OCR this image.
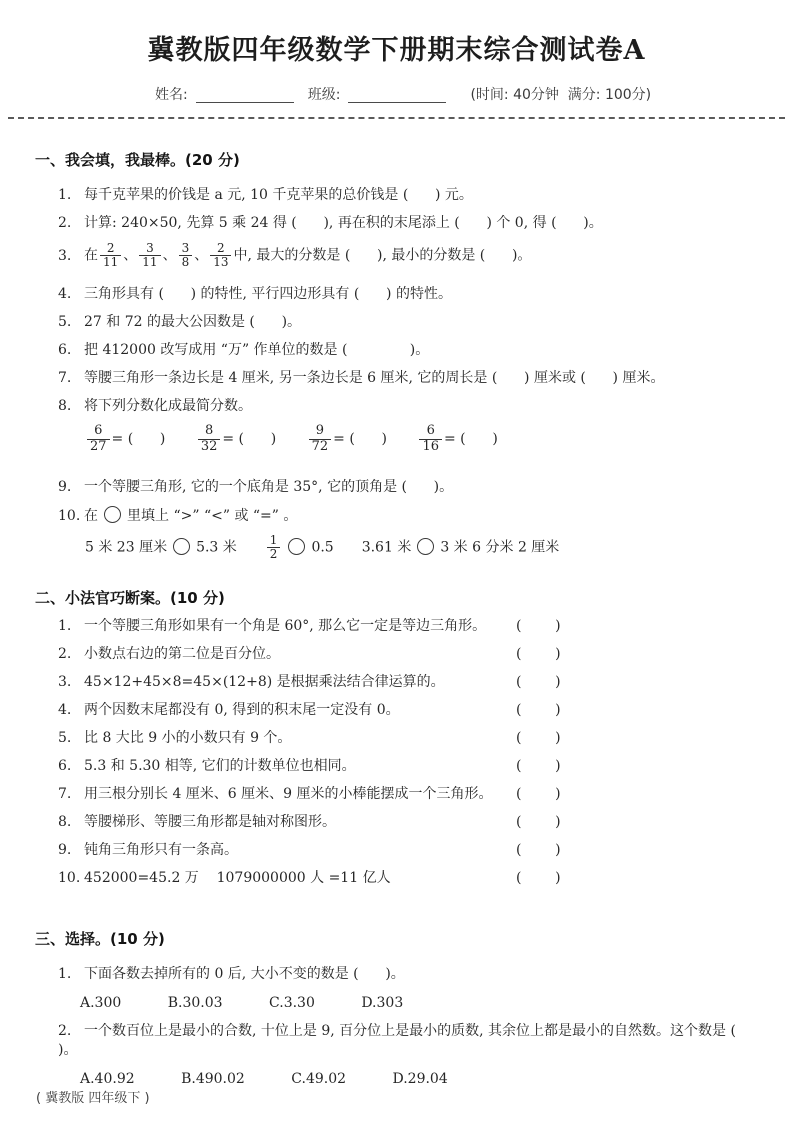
冀教版四年级数学下册期末综合测试卷A
姓名:	班级:	(时间: 40分钟  满分: 100分)
一、我会填，我最棒。(20 分)
1. 每千克苹果的价钱是 a 元, 10 千克苹果的总价钱是 (      ) 元。
2. 计算: 240×50, 先算 5 乘 24 得 (      ), 再在积的末尾添上 (      ) 个 0, 得 (      )。
3. 在 $\frac{2}{11}$ 、 $\frac{3}{11}$ 、 $\frac{3}{8}$ 、 $\frac{2}{13}$ 中, 最大的分数是 (      ), 最小的分数是 (      )。
4. 三角形具有 (      ) 的特性, 平行四边形具有 (      ) 的特性。
5. 27 和 72 的最大公因数是 (      )。
6. 把 412000 改写成用 “万” 作单位的数是 (              )。
7. 等腰三角形一条边长是 4 厘米, 另一条边长是 6 厘米, 它的周长是 (      ) 厘米或 (      ) 厘米。
8. 将下列分数化成最简分数。
$\frac{6}{27}$ = (      ) $\frac{8}{32}$ = (      ) $\frac{9}{72}$ = (      ) $\frac{6}{16}$ = (      )
9. 一个等腰三角形, 它的一个底角是 35°, 它的顶角是 (      )。
10. 在 里填上 “>” “<” 或 “=” 。
5 米 23 厘米 5.3 米	$\frac{1}{2} 0.5$ 3.61 米 3 米 6 分米 2 厘米
二、小法官巧断案。(10 分)
1. 一个等腰三角形如果有一个角是 60°, 那么它一定是等边三角形。 (      )
2. 小数点右边的第二位是百分位。	(      )
3. 45×12+45×8=45×(12+8) 是根据乘法结合律运算的。	(      )
4. 两个因数末尾都没有 0, 得到的积末尾一定没有 0。	(      )
5. 比 8 大比 9 小的小数只有 9 个。	(      )
6. 5.3 和 5.30 相等, 它们的计数单位也相同。	(      )
7. 用三根分别长 4 厘米、6 厘米、9 厘米的小棒能摆成一个三角形。 (      )
8. 等腰梯形、等腰三角形都是轴对称图形。	(      )
9. 钝角三角形只有一条高。	(      )
10. 452000=45.2 万    1079000000 人 =11 亿人	(      )
三、选择。(10 分)
1. 下面各数去掉所有的 0 后, 大小不变的数是 (      )。
A.300	B.30.03	C.3.30	D.303
2. 一个数百位上是最小的合数, 十位上是 9, 百分位上是最小的质数, 其余位上都是最小的自然数。这个数是 (      )。
A.40.92	B.490.02	C.49.02	D.29.04
( 冀教版 四年级下 )
